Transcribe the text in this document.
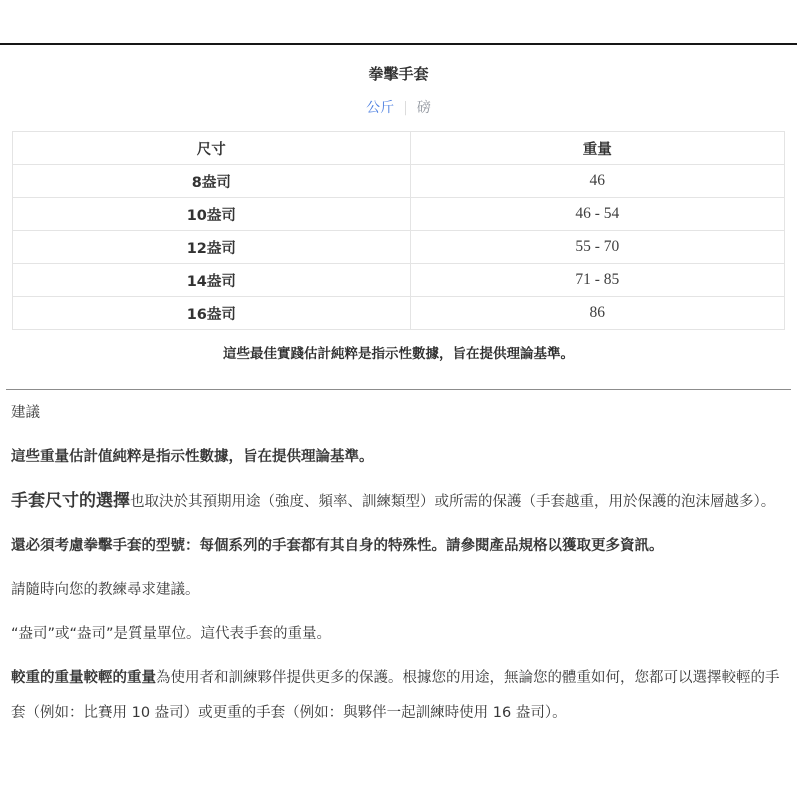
拳擊手套
公斤 | 磅
尺寸	重量
8盎司	46
10盎司	46 - 54
12盎司	55 - 70
14盎司	71 - 85
16盎司	86
這些最佳實踐估計純粹是指示性數據，旨在提供理論基準。

建議

這些重量估計值純粹是指示性數據，旨在提供理論基準。

手套尺寸的選擇也取決於其預期用途（強度、頻率、訓練類型）或所需的保護（手套越重，用於保護的泡沫層越多）。

還必須考慮拳擊手套的型號：每個系列的手套都有其自身的特殊性。請參閱產品規格以獲取更多資訊。

請隨時向您的教練尋求建議。

“盎司”或“盎司”是質量單位。這代表手套的重量。

較重的重量較輕的重量為使用者和訓練夥伴提供更多的保護。根據您的用途，無論您的體重如何，您都可以選擇較輕的手套（例如：比賽用 10 盎司）或更重的手套（例如：與夥伴一起訓練時使用 16 盎司）。
